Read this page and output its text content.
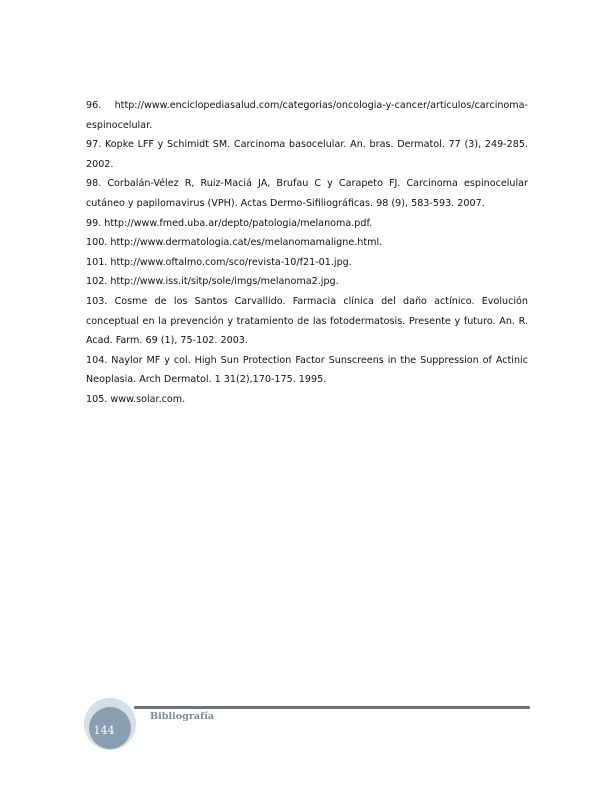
96. http://www.enciclopediasalud.com/categorias/oncologia-y-cancer/articulos/carcinoma-espinocelular.
97. Kopke LFF y Schimidt SM. Carcinoma basocelular. An. bras. Dermatol. 77 (3), 249-285. 2002.
98. Corbalán-Vélez R, Ruiz-Maciá JA, Brufau C y Carapeto FJ. Carcinoma espinocelular cutáneo y papilomavirus (VPH). Actas Dermo-Sifiliográficas. 98 (9), 583-593. 2007.
99. http://www.fmed.uba.ar/depto/patologia/melanoma.pdf.
100. http://www.dermatologia.cat/es/melanomamaligne.html.
101. http://www.oftalmo.com/sco/revista-10/f21-01.jpg.
102. http://www.iss.it/sitp/sole/imgs/melanoma2.jpg.
103. Cosme de los Santos Carvallido. Farmacia clínica del daño actínico. Evolución conceptual en la prevención y tratamiento de las fotodermatosis. Presente y futuro. An. R. Acad. Farm. 69 (1), 75-102. 2003.
104. Naylor MF y col. High Sun Protection Factor Sunscreens in the Suppression of Actinic Neoplasia. Arch Dermatol. 1 31(2),170-175. 1995.
105. www.solar.com.
144
Bibliografía
